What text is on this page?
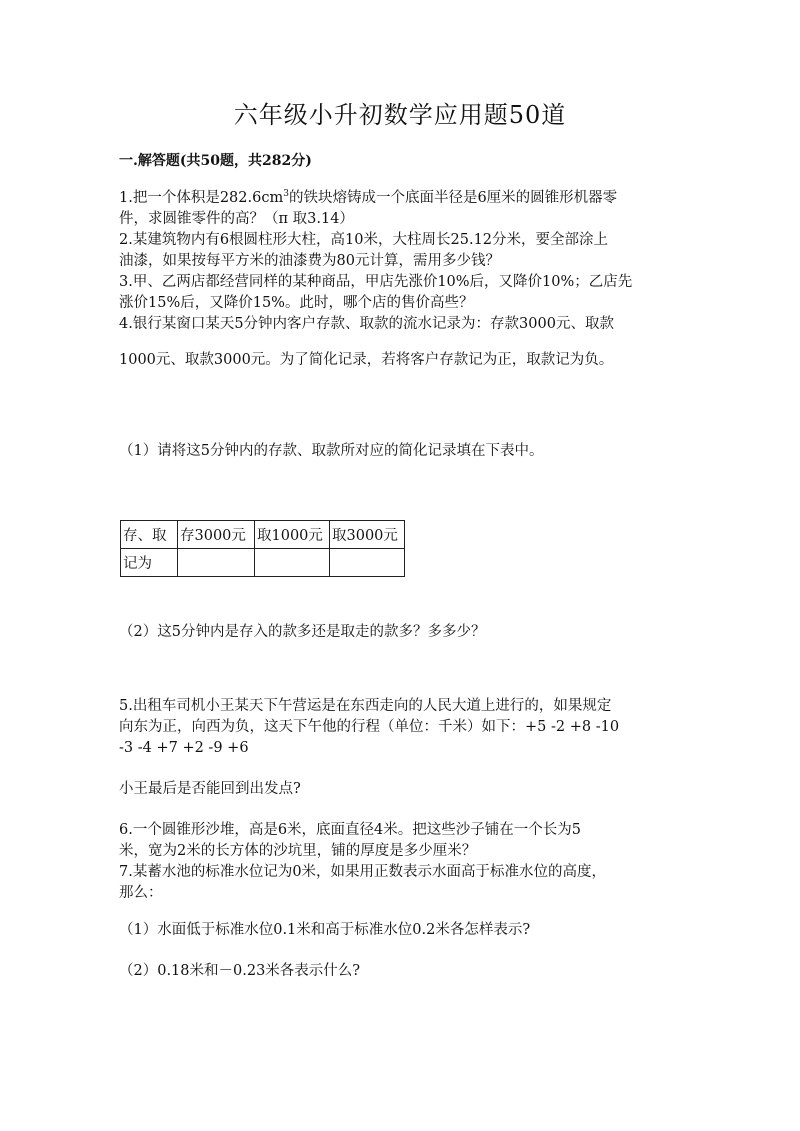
六年级小升初数学应用题50道
一.解答题(共50题，共282分)
1.把一个体积是$282.6cm^3$的铁块熔铸成一个底面半径是6厘米的圆锥形机器零
件，求圆锥零件的高？（π 取3.14）
2.某建筑物内有6根圆柱形大柱，高10米，大柱周长25.12分米，要全部涂上
油漆，如果按每平方米的油漆费为80元计算，需用多少钱？
3.甲、乙两店都经营同样的某种商品，甲店先涨价10%后，又降价10%；乙店先
涨价15%后，又降价15%。此时，哪个店的售价高些？
4.银行某窗口某天5分钟内客户存款、取款的流水记录为：存款3000元、取款
1000元、取款3000元。为了简化记录，若将客户存款记为正，取款记为负。
（1）请将这5分钟内的存款、取款所对应的简化记录填在下表中。
存、取	存3000元	取1000元	取3000元
记为			
（2）这5分钟内是存入的款多还是取走的款多？多多少？
5.出租车司机小王某天下午营运是在东西走向的人民大道上进行的，如果规定
向东为正，向西为负，这天下午他的行程（单位：千米）如下：+5 -2 +8 -10
-3 -4 +7 +2 -9 +6
小王最后是否能回到出发点?
6.一个圆锥形沙堆，高是6米，底面直径4米。把这些沙子铺在一个长为5
米，宽为2米的长方体的沙坑里，铺的厚度是多少厘米？
7.某蓄水池的标准水位记为0米，如果用正数表示水面高于标准水位的高度，
那么：
（1）水面低于标准水位0.1米和高于标准水位0.2米各怎样表示?
（2）0.18米和－0.23米各表示什么?
